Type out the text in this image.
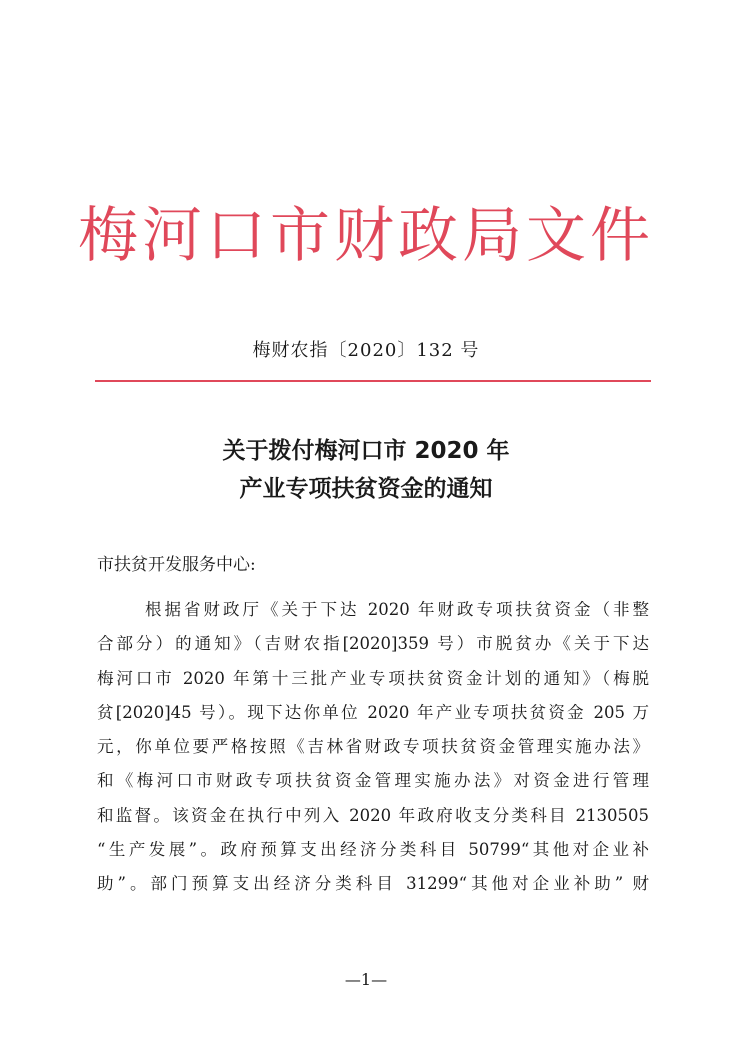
梅河口市财政局文件
梅财农指〔2020〕132 号
关于拨付梅河口市 2020 年
产业专项扶贫资金的通知
市扶贫开发服务中心:
根据省财政厅《关于下达 2020 年财政专项扶贫资金（非整
合部分）的通知》（吉财农指[2020]359 号）市脱贫办《关于下达
梅河口市 2020 年第十三批产业专项扶贫资金计划的通知》（梅脱
贫[2020]45 号）。现下达你单位 2020 年产业专项扶贫资金 205 万
元，你单位要严格按照《吉林省财政专项扶贫资金管理实施办法》
和《梅河口市财政专项扶贫资金管理实施办法》对资金进行管理
和监督。该资金在执行中列入 2020 年政府收支分类科目 2130505
“生产发展”。政府预算支出经济分类科目 50799“其他对企业补
助”。部门预算支出经济分类科目 31299“其他对企业补助” 财
—1—
